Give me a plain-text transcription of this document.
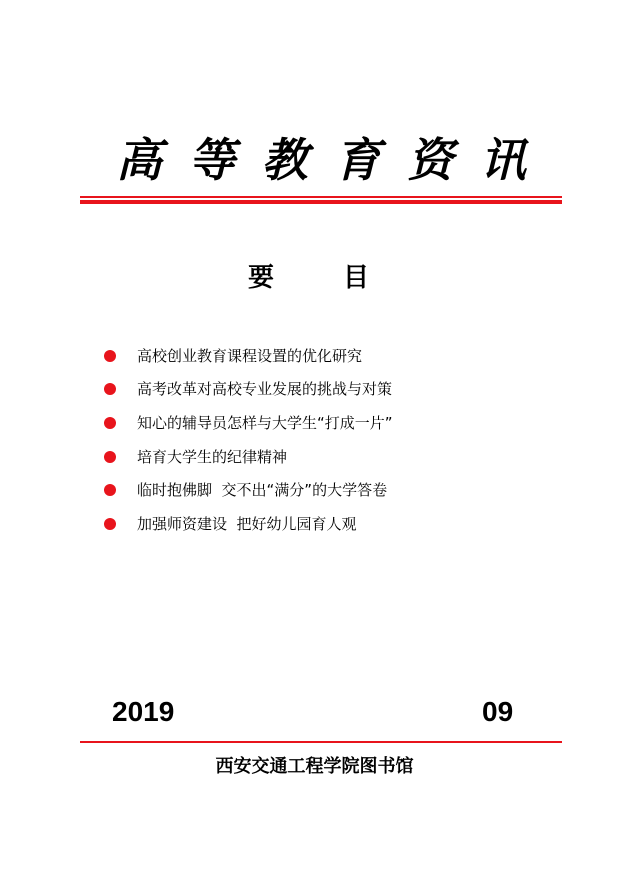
高 等 教 育 资 讯
要 目
高校创业教育课程设置的优化研究
高考改革对高校专业发展的挑战与对策
知心的辅导员怎样与大学生“打成一片”
培育大学生的纪律精神
临时抱佛脚  交不出“满分”的大学答卷
加强师资建设  把好幼儿园育人观
2019	09
西安交通工程学院图书馆
